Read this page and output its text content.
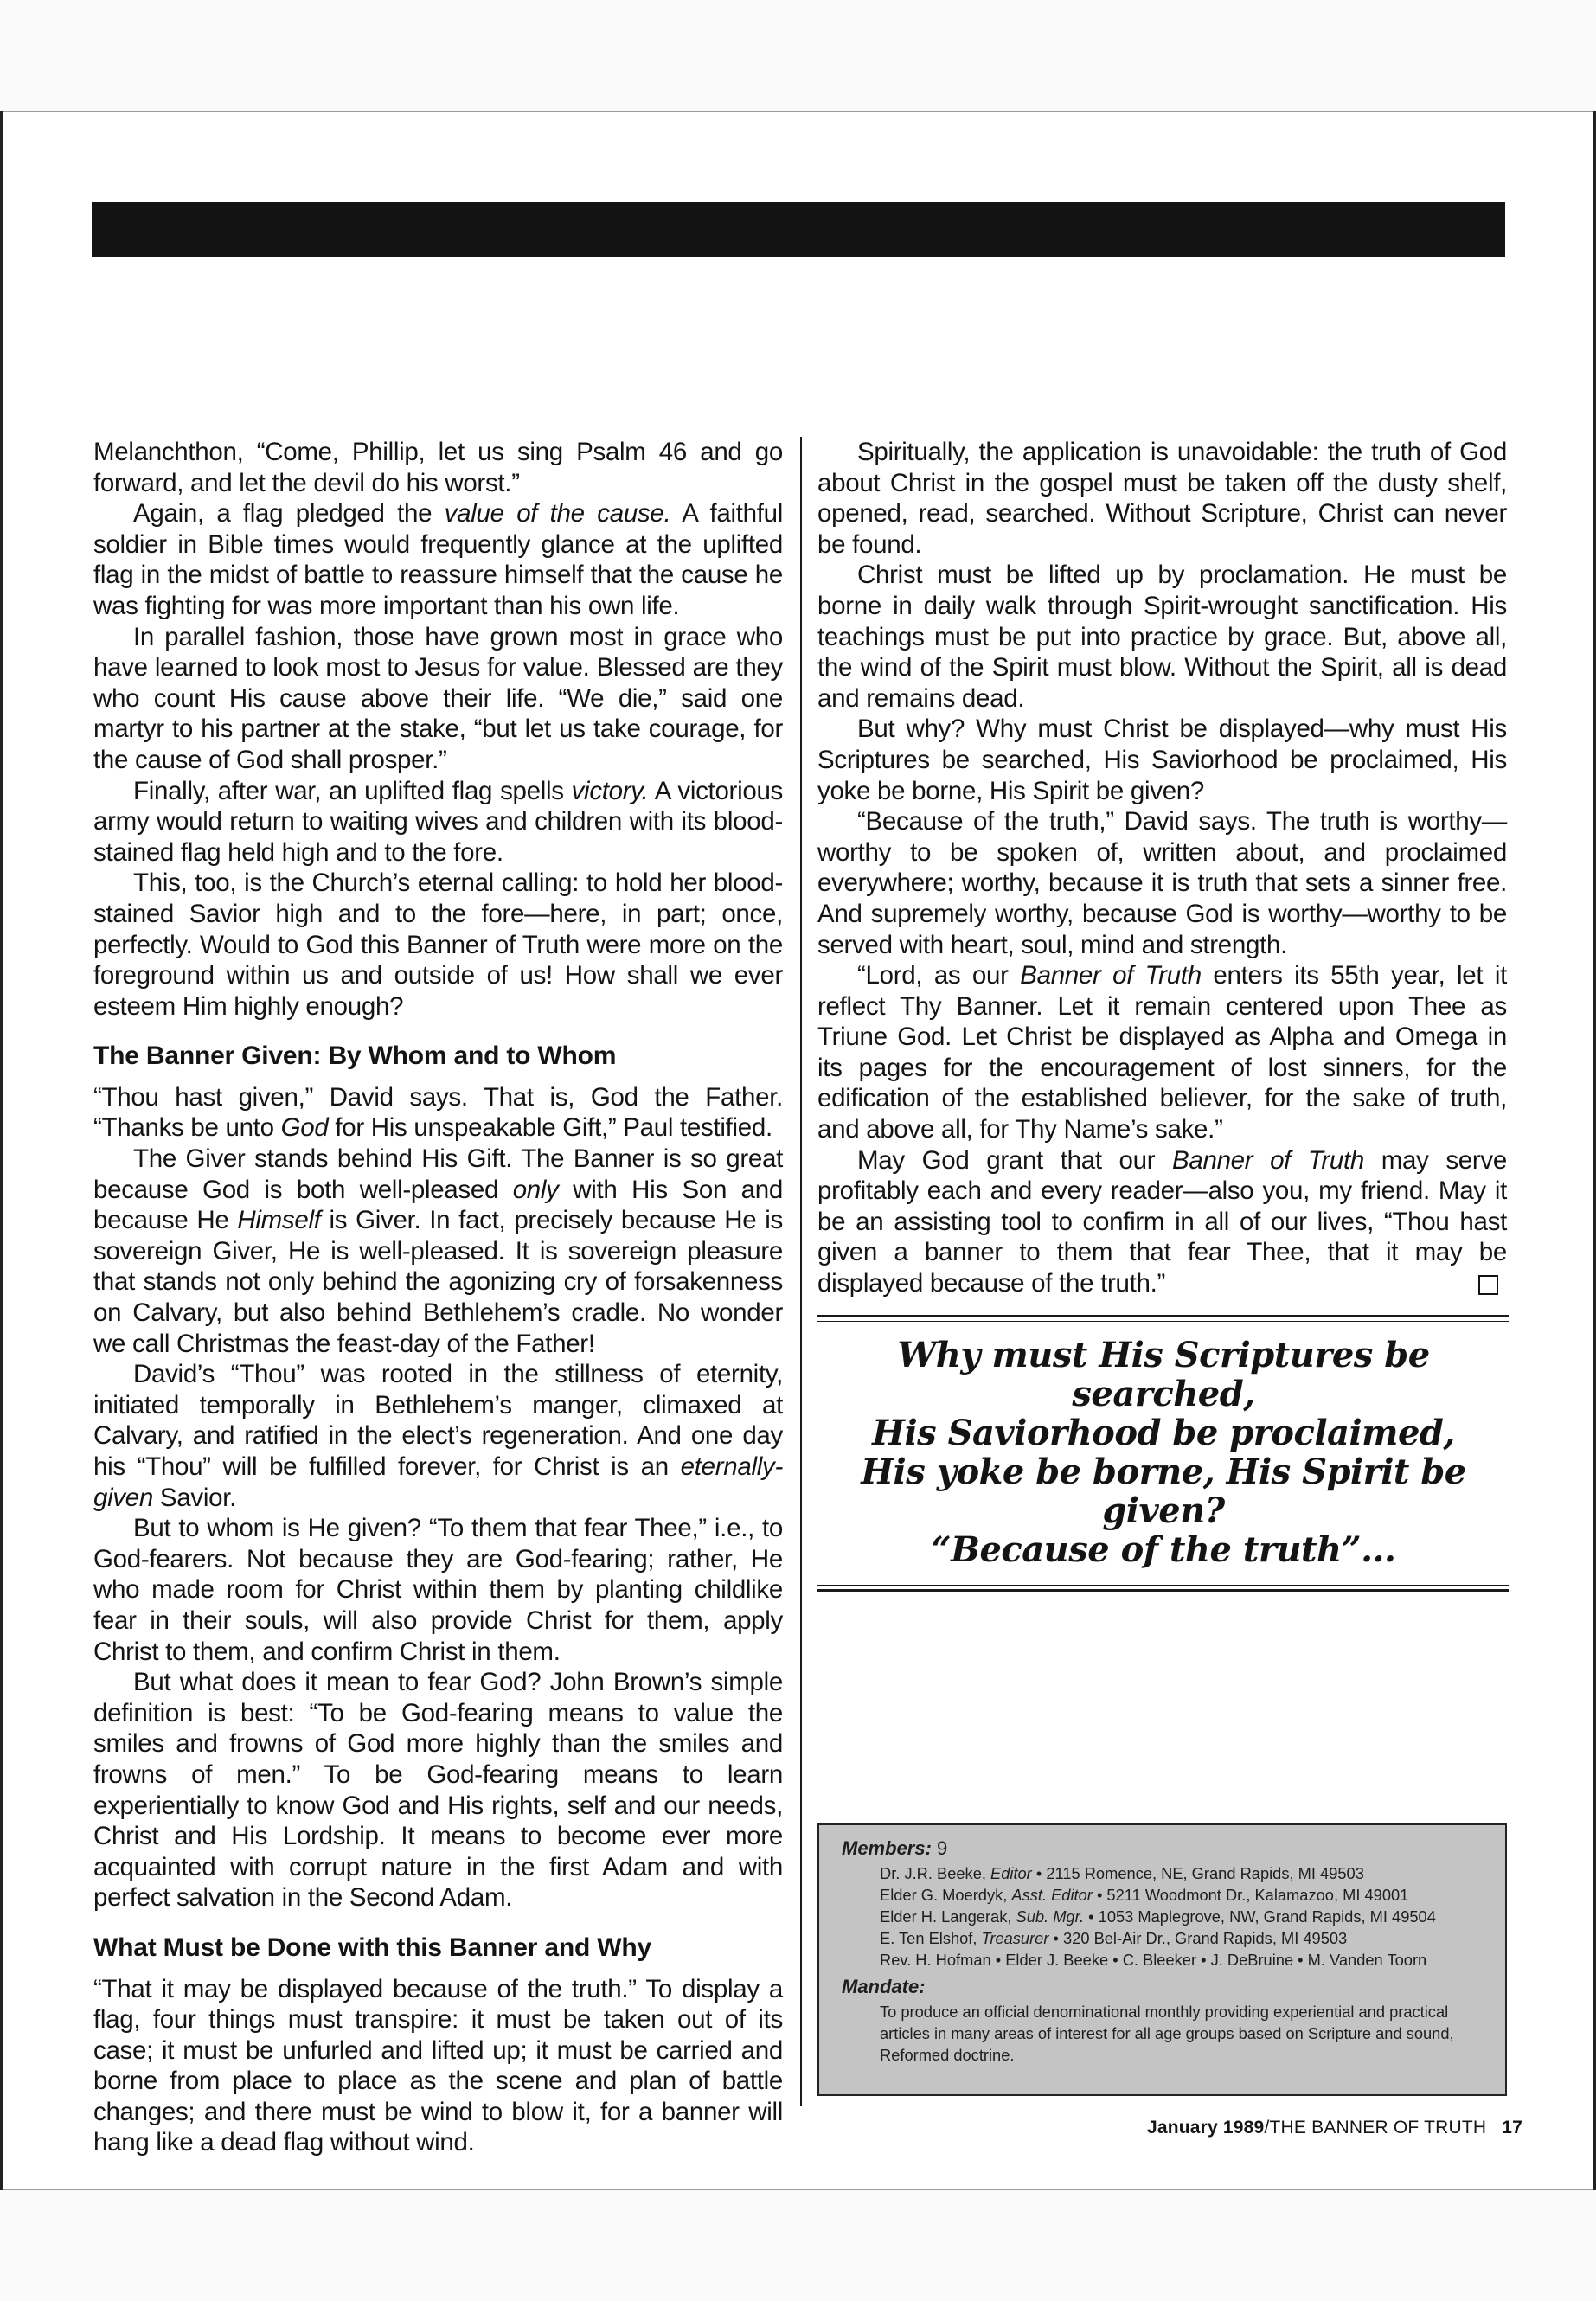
Melanchthon, “Come, Phillip, let us sing Psalm 46 and go forward, and let the devil do his worst.”

Again, a flag pledged the value of the cause. A faithful soldier in Bible times would frequently glance at the uplifted flag in the midst of battle to reassure himself that the cause he was fighting for was more important than his own life.

In parallel fashion, those have grown most in grace who have learned to look most to Jesus for value. Blessed are they who count His cause above their life. “We die,” said one martyr to his partner at the stake, “but let us take courage, for the cause of God shall prosper.”

Finally, after war, an uplifted flag spells victory. A victorious army would return to waiting wives and children with its blood-stained flag held high and to the fore.

This, too, is the Church’s eternal calling: to hold her blood-stained Savior high and to the fore—here, in part; once, perfectly. Would to God this Banner of Truth were more on the foreground within us and outside of us! How shall we ever esteem Him highly enough?

The Banner Given: By Whom and to Whom

“Thou hast given,” David says. That is, God the Father. “Thanks be unto God for His unspeakable Gift,” Paul testified.

The Giver stands behind His Gift. The Banner is so great because God is both well-pleased only with His Son and because He Himself is Giver. In fact, precisely because He is sovereign Giver, He is well-pleased. It is sovereign pleasure that stands not only behind the agonizing cry of forsakenness on Calvary, but also behind Bethlehem’s cradle. No wonder we call Christmas the feast-day of the Father!

David’s “Thou” was rooted in the stillness of eternity, initiated temporally in Bethlehem’s manger, climaxed at Calvary, and ratified in the elect’s regeneration. And one day his “Thou” will be fulfilled forever, for Christ is an eternally-given Savior.

But to whom is He given? “To them that fear Thee,” i.e., to God-fearers. Not because they are God-fearing; rather, He who made room for Christ within them by planting childlike fear in their souls, will also provide Christ for them, apply Christ to them, and confirm Christ in them.

But what does it mean to fear God? John Brown’s simple definition is best: “To be God-fearing means to value the smiles and frowns of God more highly than the smiles and frowns of men.” To be God-fearing means to learn experientially to know God and His rights, self and our needs, Christ and His Lordship. It means to become ever more acquainted with corrupt nature in the first Adam and with perfect salvation in the Second Adam.

What Must be Done with this Banner and Why

“That it may be displayed because of the truth.” To display a flag, four things must transpire: it must be taken out of its case; it must be unfurled and lifted up; it must be carried and borne from place to place as the scene and plan of battle changes; and there must be wind to blow it, for a banner will hang like a dead flag without wind.

Spiritually, the application is unavoidable: the truth of God about Christ in the gospel must be taken off the dusty shelf, opened, read, searched. Without Scripture, Christ can never be found.

Christ must be lifted up by proclamation. He must be borne in daily walk through Spirit-wrought sanctification. His teachings must be put into practice by grace. But, above all, the wind of the Spirit must blow. Without the Spirit, all is dead and remains dead.

But why? Why must Christ be displayed—why must His Scriptures be searched, His Saviorhood be proclaimed, His yoke be borne, His Spirit be given?

“Because of the truth,” David says. The truth is worthy—worthy to be spoken of, written about, and proclaimed everywhere; worthy, because it is truth that sets a sinner free. And supremely worthy, because God is worthy—worthy to be served with heart, soul, mind and strength.

“Lord, as our Banner of Truth enters its 55th year, let it reflect Thy Banner. Let it remain centered upon Thee as Triune God. Let Christ be displayed as Alpha and Omega in its pages for the encouragement of lost sinners, for the edification of the established believer, for the sake of truth, and above all, for Thy Name’s sake.”

May God grant that our Banner of Truth may serve profitably each and every reader—also you, my friend. May it be an assisting tool to confirm in all of our lives, “Thou hast given a banner to them that fear Thee, that it may be displayed because of the truth.”

Why must His Scriptures be searched,
His Saviorhood be proclaimed,
His yoke be borne, His Spirit be given?
“Because of the truth”...
Members: 9
Dr. J.R. Beeke, Editor • 2115 Romence, NE, Grand Rapids, MI 49503
Elder G. Moerdyk, Asst. Editor • 5211 Woodmont Dr., Kalamazoo, MI 49001
Elder H. Langerak, Sub. Mgr. • 1053 Maplegrove, NW, Grand Rapids, MI 49504
E. Ten Elshof, Treasurer • 320 Bel-Air Dr., Grand Rapids, MI 49503
Rev. H. Hofman • Elder J. Beeke • C. Bleeker • J. DeBruine • M. Vanden Toorn
Mandate:
To produce an official denominational monthly providing experiential and practical articles in many areas of interest for all age groups based on Scripture and sound, Reformed doctrine.
January 1989/THE BANNER OF TRUTH 17
